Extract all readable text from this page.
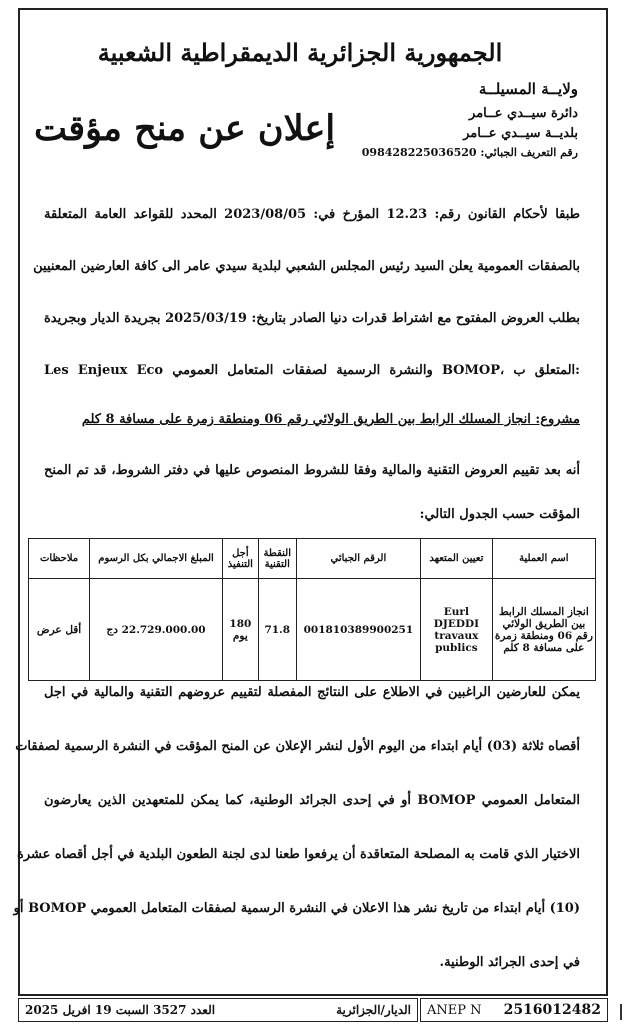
الجمهورية الجزائرية الديمقراطية الشعبية
ولايــة المسيلــة
دائرة سيــدي عــامر
بلديــة سيــدي عــامر
رقم التعريف الجبائي: 098428225036520
إعلان عن منح مؤقت
طبقا لأحكام القانون رقم: 12.23 المؤرخ في: 2023/08/05 المحدد للقواعد العامة المتعلقة
بالصفقات العمومية يعلن السيد رئيس المجلس الشعبي لبلدية سيدي عامر الى كافة العارضين المعنيين
بطلب العروض المفتوح مع اشتراط قدرات دنيا الصادر بتاريخ: 2025/03/19 بجريدة الديار وبجريدة
Les Enjeux Eco والنشرة الرسمية لصفقات المتعامل العمومي BOMOP، المتعلق ب:
مشروع: انجاز المسلك الرابط بين الطريق الولائي رقم 06 ومنطقة زمرة على مسافة 8 كلم
أنه بعد تقييم العروض التقنية والمالية وفقا للشروط المنصوص عليها في دفتر الشروط، قد تم المنح
المؤقت حسب الجدول التالي:
اسم العملية	تعيين المتعهد	الرقم الجبائي	النقطة التقنية	أجل التنفيذ	المبلغ الاجمالي بكل الرسوم	ملاحظات
انجاز المسلك الرابط بين الطريق الولائي رقم 06 ومنطقة زمرة على مسافة 8 كلم	Eurl DJEDDI travaux publics	001810389900251	71.8	180 يوم	22.729.000.00 دج	أقل عرض
يمكن للعارضين الراغبين في الاطلاع على النتائج المفصلة لتقييم عروضهم التقنية والمالية في اجل
أقصاه ثلاثة (03) أيام ابتداء من اليوم الأول لنشر الإعلان عن المنح المؤقت في النشرة الرسمية لصفقات
المتعامل العمومي BOMOP أو في إحدى الجرائد الوطنية، كما يمكن للمتعهدين الذين يعارضون
الاختيار الذي قامت به المصلحة المتعاقدة أن يرفعوا طعنا لدى لجنة الطعون البلدية في أجل أقصاه عشرة
(10) أيام ابتداء من تاريخ نشر هذا الاعلان في النشرة الرسمية لصفقات المتعامل العمومي BOMOP أو
في إحدى الجرائد الوطنية.
الديار/الجزائرية
العدد 3527 السبت 19 افريل 2025	ANEP N 2516012482
